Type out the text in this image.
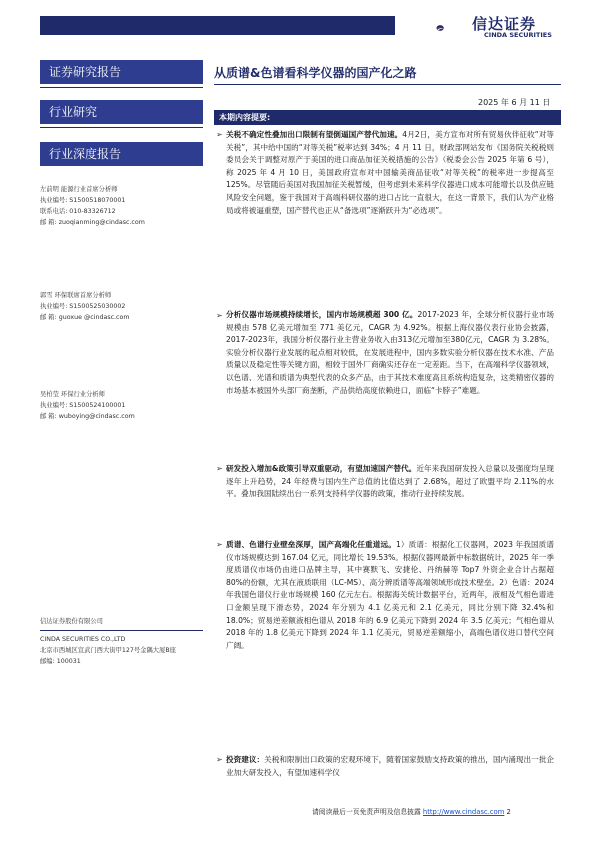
信达证券
CINDA SECURITIES
证券研究报告
行业研究
行业深度报告
从质谱&色谱看科学仪器的国产化之路
2025 年 6 月 11 日
本期内容提要:
左前明 能源行业首席分析师
执业编号: S1500518070001
联系电话: 010-83326712
邮 箱: zuoqianming@cindasc.com
郭雪 环保联席首席分析师
执业编号: S1500525030002
邮 箱: guoxue @cindasc.com
吴柏莹 环保行业分析师
执业编号: S1500524100001
邮 箱: wuboying@cindasc.com
信达证券股份有限公司
CINDA SECURITIES CO.,LTD
北京市西城区宣武门西大街甲127号金隅大厦B座
邮编: 100031
➢ 关税不确定性叠加出口限制有望倒逼国产替代加速。4月2日，美方宣布对所有贸易伙伴征收“对等关税”，其中给中国的“对等关税”税率达到 34%；4 月 11 日，财政部网站发布《国务院关税税则委员会关于调整对原产于美国的进口商品加征关税措施的公告》（税委会公告 2025 年第 6 号），称 2025 年 4 月 10 日，美国政府宣布对中国输美商品征收“对等关税”的税率进一步提高至 125%。尽管随后美国对我国加征关税暂缓，但考虑到未来科学仪器进口成本可能增长以及供应链风险安全问题，鉴于我国对于高端科研仪器的进口占比一直很大，在这一背景下，我们认为产业格局或将被逼重塑，国产替代也正从“备选项”逐渐跃升为“必选项”。
➢ 分析仪器市场规模持续增长，国内市场规模超 300 亿。2017-2023 年，全球分析仪器行业市场规模由 578 亿美元增加至 771 美亿元，CAGR 为 4.92%。根据上海仪器仪表行业协会披露，2017-2023年，我国分析仪器行业主营业务收入由313亿元增加至380亿元，CAGR 为 3.28%。实验分析仪器行业发展的起点相对较低，在发展进程中，国内多数实验分析仪器在技术水准、产品质量以及稳定性等关键方面，相较于国外厂商确实还存在一定差距。当下，在高端科学仪器领域，以色谱、光谱和质谱为典型代表的众多产品，由于其技术难度高且系统构造复杂，这类精密仪器的市场基本被国外头部厂商垄断，产品供给高度依赖进口，面临“卡脖子”难题。
➢ 研发投入增加&政策引导双重驱动，有望加速国产替代。近年来我国研发投入总量以及强度均呈现逐年上升趋势，24 年经费与国内生产总值的比值达到了 2.68%，超过了欧盟平均 2.11%的水平。叠加我国陆续出台一系列支持科学仪器的政策，推动行业持续发展。
➢ 质谱、色谱行业壁垒深厚，国产高端化任重道远。1）质谱：根据化工仪器网，2023 年我国质谱仪市场规模达到 167.04 亿元，同比增长 19.53%。根据仪器网最新中标数据统计，2025 年一季度质谱仪市场仍由进口品牌主导，其中赛默飞、安捷伦、丹纳赫等 Top7 外资企业合计占据超 80%的份额，尤其在液质联用（LC-MS）、高分辨质谱等高端领域形成技术壁垒。2）色谱：2024 年我国色谱仪行业市场规模 160 亿元左右。根据海关统计数据平台，近两年，液相及气相色谱进口金额呈现下滑态势，2024 年分别为 4.1 亿美元和 2.1 亿美元，同比分别下降 32.4%和 18.0%；贸易逆差额液相色谱从 2018 年的 6.9 亿美元下降到 2024 年 3.5 亿美元；气相色谱从 2018 年的 1.8 亿美元下降到 2024 年 1.1 亿美元，贸易逆差额缩小，高端色谱仪进口替代空间广阔。
➢ 投资建议：关税和限制出口政策的宏观环境下，随着国家鼓励支持政策的推出，国内涌现出一批企业加大研发投入，有望加速科学仪
请阅读最后一页免责声明及信息披露 http://www.cindasc.com 2
